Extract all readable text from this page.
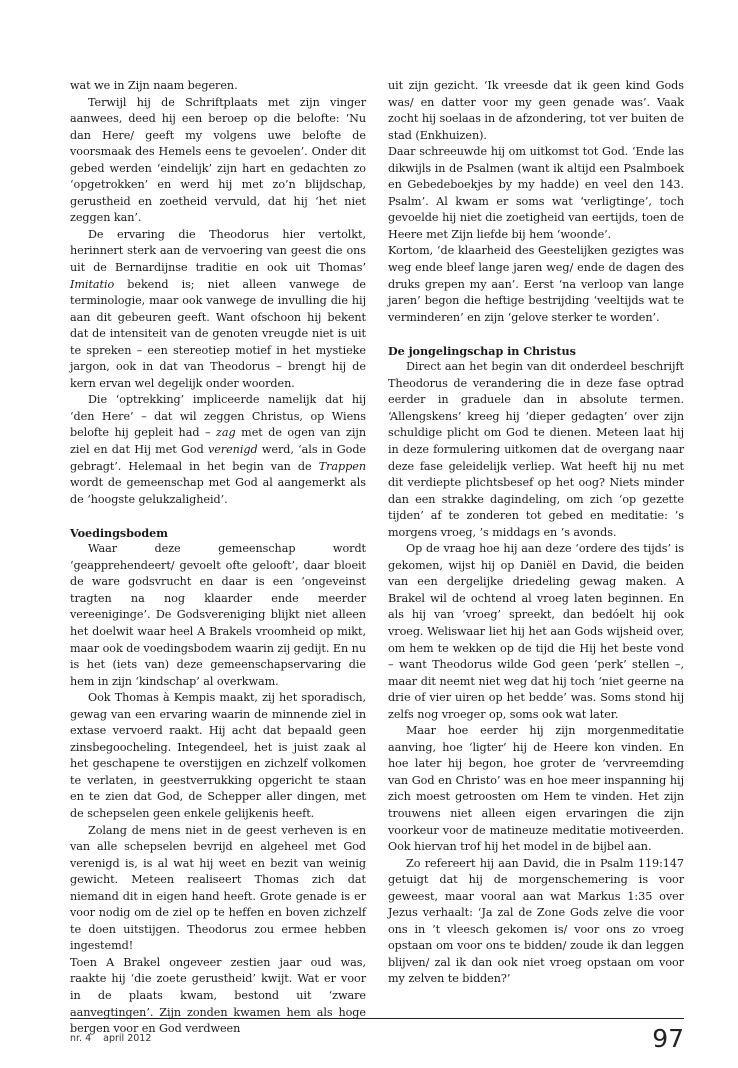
wat we in Zijn naam begeren.

Terwijl hij de Schriftplaats met zijn vinger aanwees, deed hij een beroep op die belofte: ‘Nu dan Here/ geeft my volgens uwe belofte de voorsmaak des Hemels eens te gevoelen’. Onder dit gebed werden ‘eindelijk’ zijn hart en gedachten zo ‘opgetrokken’ en werd hij met zo’n blijdschap, gerustheid en zoetheid vervuld, dat hij ‘het niet zeggen kan’.

De ervaring die Theodorus hier vertolkt, herinnert sterk aan de vervoering van geest die ons uit de Bernardijnse traditie en ook uit Thomas’ Imitatio bekend is; niet alleen vanwege de terminologie, maar ook vanwege de invulling die hij aan dit gebeuren geeft. Want ofschoon hij bekent dat de intensiteit van de genoten vreugde niet is uit te spreken – een stereotiep motief in het mystieke jargon, ook in dat van Theodorus – brengt hij de kern ervan wel degelijk onder woorden.

Die ‘optrekking’ impliceerde namelijk dat hij ‘den Here’ – dat wil zeggen Christus, op Wiens belofte hij gepleit had – zag met de ogen van zijn ziel en dat Hij met God verenigd werd, ‘als in Gode gebragt’. Helemaal in het begin van de Trappen wordt de gemeenschap met God al aangemerkt als de ‘hoogste gelukzaligheid’.

Voedingsbodem

Waar deze gemeenschap wordt ‘geapprehendeert/ gevoelt ofte gelooft’, daar bloeit de ware godsvrucht en daar is een ‘ongeveinst tragten na nog klaarder ende meerder vereeniginge’. De Godsvereniging blijkt niet alleen het doelwit waar heel A Brakels vroomheid op mikt, maar ook de voedingsbodem waarin zij gedijt. En nu is het (iets van) deze gemeenschapservaring die hem in zijn ‘kindschap’ al overkwam.

Ook Thomas à Kempis maakt, zij het sporadisch, gewag van een ervaring waarin de minnende ziel in extase vervoerd raakt. Hij acht dat bepaald geen zinsbegoocheling. Integendeel, het is juist zaak al het geschapene te overstijgen en zichzelf volkomen te verlaten, in geestverrukking opgericht te staan en te zien dat God, de Schepper aller dingen, met de schepselen geen enkele gelijkenis heeft.

Zolang de mens niet in de geest verheven is en van alle schepselen bevrijd en algeheel met God verenigd is, is al wat hij weet en bezit van weinig gewicht. Meteen realiseert Thomas zich dat niemand dit in eigen hand heeft. Grote genade is er voor nodig om de ziel op te heffen en boven zichzelf te doen uitstijgen. Theodorus zou ermee hebben ingestemd!

Toen A Brakel ongeveer zestien jaar oud was, raakte hij ‘die zoete gerustheid’ kwijt. Wat er voor in de plaats kwam, bestond uit ‘zware aanvegtingen’. Zijn zonden kwamen hem als hoge bergen voor en God verdween

uit zijn gezicht. ‘Ik vreesde dat ik geen kind Gods was/ en datter voor my geen genade was’. Vaak zocht hij soelaas in de afzondering, tot ver buiten de stad (Enkhuizen).

Daar schreeuwde hij om uitkomst tot God. ‘Ende las dikwijls in de Psalmen (want ik altijd een Psalmboek en Gebedeboekjes by my hadde) en veel den 143. Psalm’. Al kwam er soms wat ‘verligtinge’, toch gevoelde hij niet die zoetigheid van eertijds, toen de Heere met Zijn liefde bij hem ‘woonde’.

Kortom, ‘de klaarheid des Geestelijken gezigtes was weg ende bleef lange jaren weg/ ende de dagen des druks grepen my aan’. Eerst ‘na verloop van lange jaren’ begon die heftige bestrijding ‘veeltijds wat te verminderen’ en zijn ‘gelove sterker te worden’.

De jongelingschap in Christus

Direct aan het begin van dit onderdeel beschrijft Theodorus de verandering die in deze fase optrad eerder in graduele dan in absolute termen. ‘Allengskens’ kreeg hij ‘dieper gedagten’ over zijn schuldige plicht om God te dienen. Meteen laat hij in deze formulering uitkomen dat de overgang naar deze fase geleidelijk verliep. Wat heeft hij nu met dit verdiepte plichtsbesef op het oog? Niets minder dan een strakke dagindeling, om zich ‘op gezette tijden’ af te zonderen tot gebed en meditatie: ’s morgens vroeg, ’s middags en ’s avonds.

Op de vraag hoe hij aan deze ‘ordere des tijds’ is gekomen, wijst hij op Daniël en David, die beiden van een dergelijke driedeling gewag maken. A Brakel wil de ochtend al vroeg laten beginnen. En als hij van ‘vroeg’ spreekt, dan bedóelt hij ook vroeg. Weliswaar liet hij het aan Gods wijsheid over, om hem te wekken op de tijd die Hij het beste vond – want Theodorus wilde God geen ‘perk’ stellen –, maar dit neemt niet weg dat hij toch ‘niet geerne na drie of vier uiren op het bedde’ was. Soms stond hij zelfs nog vroeger op, soms ook wat later.

Maar hoe eerder hij zijn morgenmeditatie aanving, hoe ‘ligter’ hij de Heere kon vinden. En hoe later hij begon, hoe groter de ‘vervreemding van God en Christo’ was en hoe meer inspanning hij zich moest getroosten om Hem te vinden. Het zijn trouwens niet alleen eigen ervaringen die zijn voorkeur voor de matineuze meditatie motiveerden. Ook hiervan trof hij het model in de bijbel aan.

Zo refereert hij aan David, die in Psalm 119:147 getuigt dat hij de morgenschemering is voor geweest, maar vooral aan wat Markus 1:35 over Jezus verhaalt: ‘Ja zal de Zone Gods zelve die voor ons in ’t vleesch gekomen is/ voor ons zo vroeg opstaan om voor ons te bidden/ zoude ik dan leggen blijven/ zal ik dan ook niet vroeg opstaan om voor my zelven te bidden?’

nr. 4 april 2012	97
